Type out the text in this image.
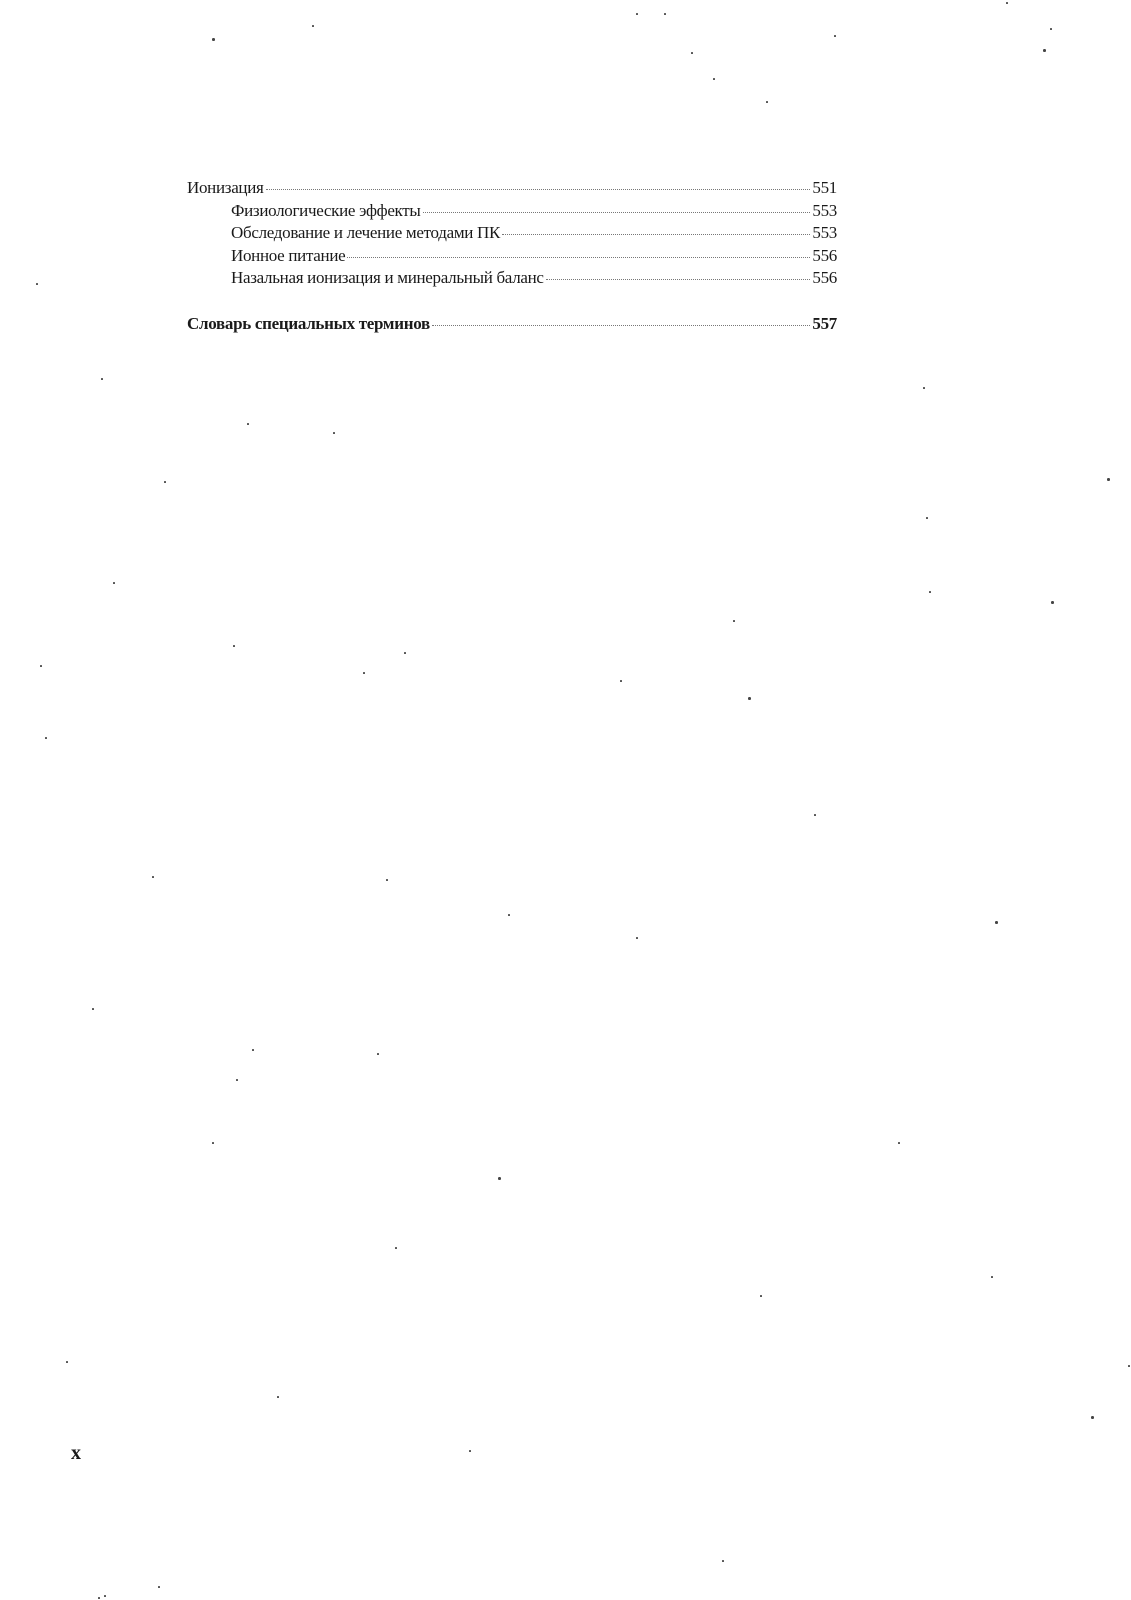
Ионизация	551
Физиологические эффекты	553
Обследование и лечение методами ПК	553
Ионное питание	556
Назальная ионизация и минеральный баланс	556
Словарь специальных терминов	557
x
